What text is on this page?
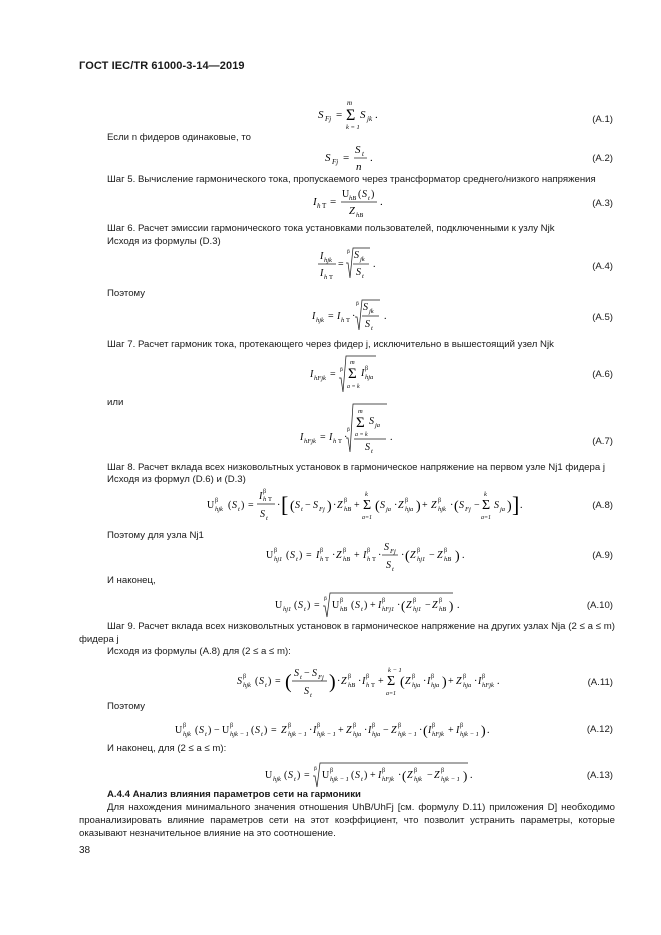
ГОСТ IEC/TR 61000-3-14—2019
S Fj = Σ
m
k = 1
S jk .	(A.1)
Если n фидеров одинаковые, то
S Fj =
S t
n
.	(A.2)
Шаг 5. Вычисление гармонического тока, пропускаемого через трансформатор среднего/низкого напряжения
I h T =
U hB ( S t )
Z hB
.	(A.3)
Шаг 6. Расчет эмиссии гармонического тока установками пользователей, подключенными к узлу Njk
Исходя из формулы (D.3)
I hjk
I h T
=
β S jk
S t
.	(A.4)
Поэтому
I hjk = I h T ·
β S jk
S t
.	(A.5)
Шаг 7. Расчет гармоник тока, протекающего через фидер j, исключительно в вышестоящий узел Njk
I hFjk = β Σ
m
a = k
I β
hja	(A.6)
или
I hFjk = I h T ·
β Σ
m
a = k
S ja
S t
.	(A.7)
Шаг 8. Расчет вклада всех низковольтных установок в гармоническое напряжение на первом узле Nj1 фидера j
Исходя из формул (D.6) и (D.3)
U β
hjk ( S t ) =
I β
h T
S t
· [ ( S t − S Fj ) · Z β
hB + Σ
k
a=1
( S ja · Z β
hja ) + Z β
hjk · ( S Fj − Σ
k
a=1
S ja ) ] .	(A.8)
Поэтому для узла Nj1
U β
hj1 ( S t ) = I β
h T · Z β
hB + I β
h T ·
S Fj
S t
· ( Z β
hj1 − Z β
hB ) .	(A.9)
И наконец,
U hj1 ( S t ) =
β
U β
hB ( S t ) + I β
hFj1 · ( Z β
hj1 − Z β
hB ) .	(A.10)
Шаг 9. Расчет вклада всех низковольтных установок в гармоническое напряжение на других узлах Nja (2 ≤ a ≤ m) фидера j
Исходя из формулы (A.8) для (2 ≤ a ≤ m):
S β
hjk ( S t ) = ( S t − S Fj
S t
) · Z β
hB · I β
h T + Σ
k − 1
a=1
( Z β
hja · I β
hja ) + Z β
hja · I β
hFjk .	(A.11)
Поэтому
U β
hjk ( S t ) − U β
hjk − 1 ( S t ) = Z β
hjk − 1 · I β
hjk − 1 + Z β
hja · I β
hja − Z β
hjk − 1 · ( I β
hFjk + I β
hjk − 1 ) .	(A.12)
И наконец, для (2 ≤ a ≤ m):
U hjk ( S t ) =
β
U β
hjk − 1 ( S t ) + I β
hFjk · ( Z β
hjk − Z β
hjk − 1 ) .	(A.13)
A.4.4 Анализ влияния параметров сети на гармоники
Для нахождения минимального значения отношения UhB/UhFj [см. формулу D.11) приложения D] необходимо проанализировать влияние параметров сети на этот коэффициент, что позволит устранить параметры, которые оказывают незначительное влияние на это соотношение.
38
